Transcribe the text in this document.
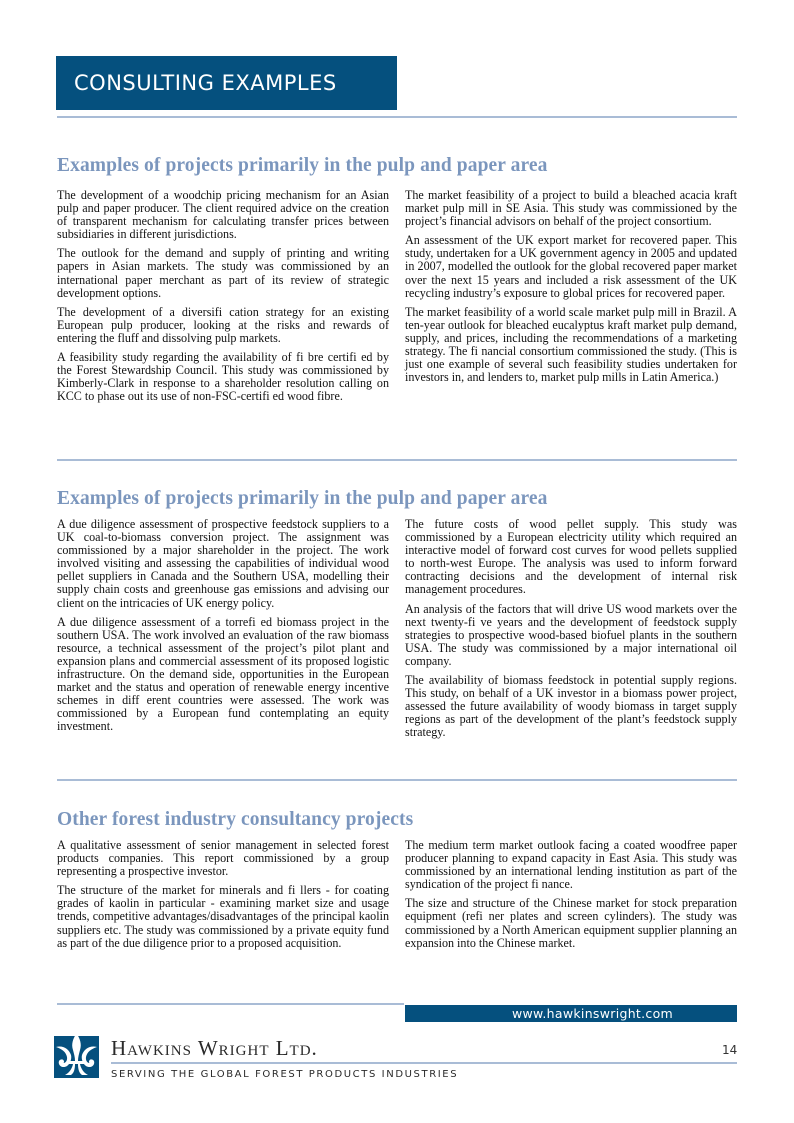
CONSULTING EXAMPLES
Examples of projects primarily in the pulp and paper area

The development of a woodchip pricing mechanism for an Asian pulp and paper producer. The client required advice on the creation of transparent mechanism for calculating transfer prices between subsidiaries in different jurisdictions.

The outlook for the demand and supply of printing and writing papers in Asian markets. The study was commissioned by an international paper merchant as part of its review of strategic development options.

The development of a diversifi cation strategy for an existing European pulp producer, looking at the risks and rewards of entering the fluff and dissolving pulp markets.

A feasibility study regarding the availability of fi bre certifi ed by the Forest Stewardship Council. This study was commissioned by Kimberly-Clark in response to a shareholder resolution calling on KCC to phase out its use of non-FSC-certifi ed wood fibre.

The market feasibility of a project to build a bleached acacia kraft market pulp mill in SE Asia. This study was commissioned by the project’s financial advisors on behalf of the project consortium.

An assessment of the UK export market for recovered paper. This study, undertaken for a UK government agency in 2005 and updated in 2007, modelled the outlook for the global recovered paper market over the next 15 years and included a risk assessment of the UK recycling industry’s exposure to global prices for recovered paper.

The market feasibility of a world scale market pulp mill in Brazil. A ten-year outlook for bleached eucalyptus kraft market pulp demand, supply, and prices, including the recommendations of a marketing strategy. The fi nancial consortium commissioned the study. (This is just one example of several such feasibility studies undertaken for investors in, and lenders to, market pulp mills in Latin America.)

Examples of projects primarily in the pulp and paper area

A due diligence assessment of prospective feedstock suppliers to a UK coal-to-biomass conversion project. The assignment was commissioned by a major shareholder in the project. The work involved visiting and assessing the capabilities of individual wood pellet suppliers in Canada and the Southern USA, modelling their supply chain costs and greenhouse gas emissions and advising our client on the intricacies of UK energy policy.

A due diligence assessment of a torrefi ed biomass project in the southern USA. The work involved an evaluation of the raw biomass resource, a technical assessment of the project’s pilot plant and expansion plans and commercial assessment of its proposed logistic infrastructure. On the demand side, opportunities in the European market and the status and operation of renewable energy incentive schemes in diff erent countries were assessed. The work was commissioned by a European fund contemplating an equity investment.

The future costs of wood pellet supply. This study was commissioned by a European electricity utility which required an interactive model of forward cost curves for wood pellets supplied to north-west Europe. The analysis was used to inform forward contracting decisions and the development of internal risk management procedures.

An analysis of the factors that will drive US wood markets over the next twenty-fi ve years and the development of feedstock supply strategies to prospective wood-based biofuel plants in the southern USA. The study was commissioned by a major international oil company.

The availability of biomass feedstock in potential supply regions. This study, on behalf of a UK investor in a biomass power project, assessed the future availability of woody biomass in target supply regions as part of the development of the plant’s feedstock supply strategy.

Other forest industry consultancy projects

A qualitative assessment of senior management in selected forest products companies. This report commissioned by a group representing a prospective investor.

The structure of the market for minerals and fi llers - for coating grades of kaolin in particular - examining market size and usage trends, competitive advantages/disadvantages of the principal kaolin suppliers etc. The study was commissioned by a private equity fund as part of the due diligence prior to a proposed acquisition.

The medium term market outlook facing a coated woodfree paper producer planning to expand capacity in East Asia. This study was commissioned by an international lending institution as part of the syndication of the project fi nance.

The size and structure of the Chinese market for stock preparation equipment (refi ner plates and screen cylinders). The study was commissioned by a North American equipment supplier planning an expansion into the Chinese market.

www.hawkinswright.com
Hawkins Wright Ltd.
SERVING THE GLOBAL FOREST PRODUCTS INDUSTRIES
14
